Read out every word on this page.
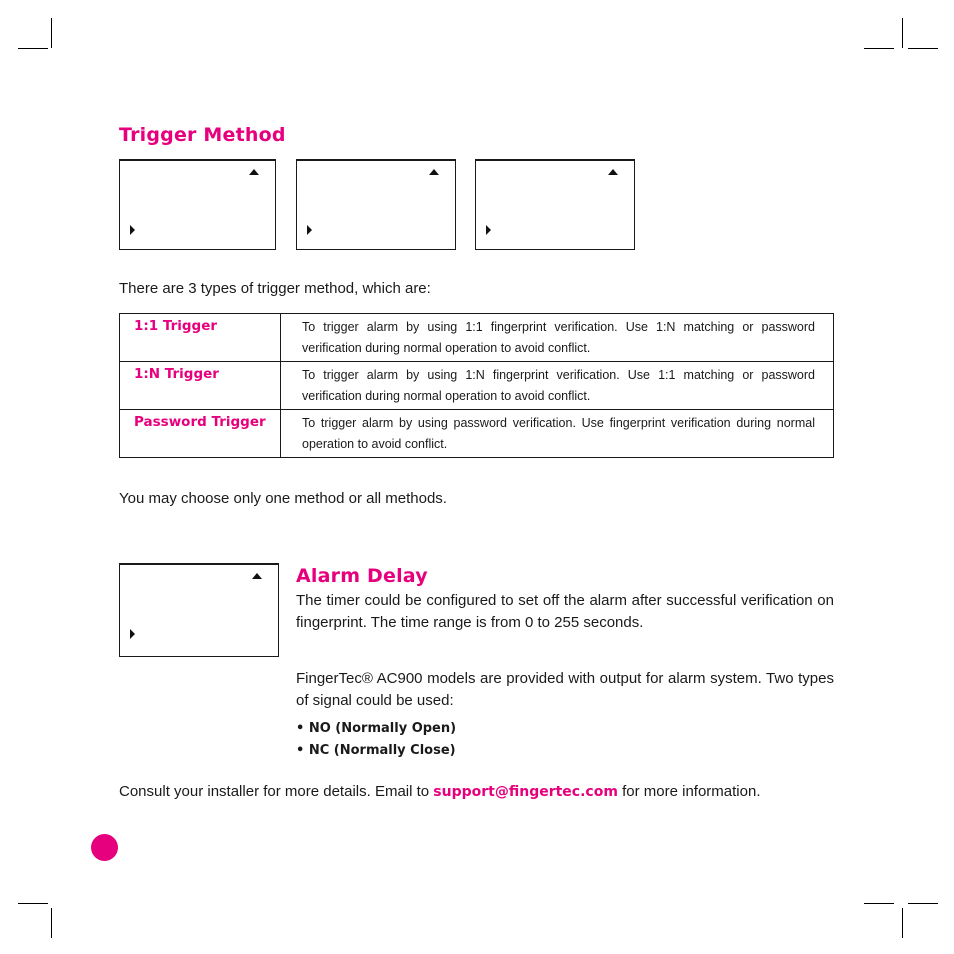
Trigger Method

There are 3 types of trigger method, which are:

1:1 Trigger	To trigger alarm by using 1:1 fingerprint verification. Use 1:N matching or password verification during normal operation to avoid conflict.
1:N Trigger	To trigger alarm by using 1:N fingerprint verification. Use 1:1 matching or password verification during normal operation to avoid conflict.
Password Trigger	To trigger alarm by using password verification. Use fingerprint verification during normal operation to avoid conflict.

You may choose only one method or all methods.

Alarm Delay

The timer could be configured to set off the alarm after successful verification on fingerprint. The time range is from 0 to 255 seconds.

FingerTec® AC900 models are provided with output for alarm system. Two types of signal could be used:

• NO (Normally Open)
• NC (Normally Close)

Consult your installer for more details. Email to support@fingertec.com for more information.
